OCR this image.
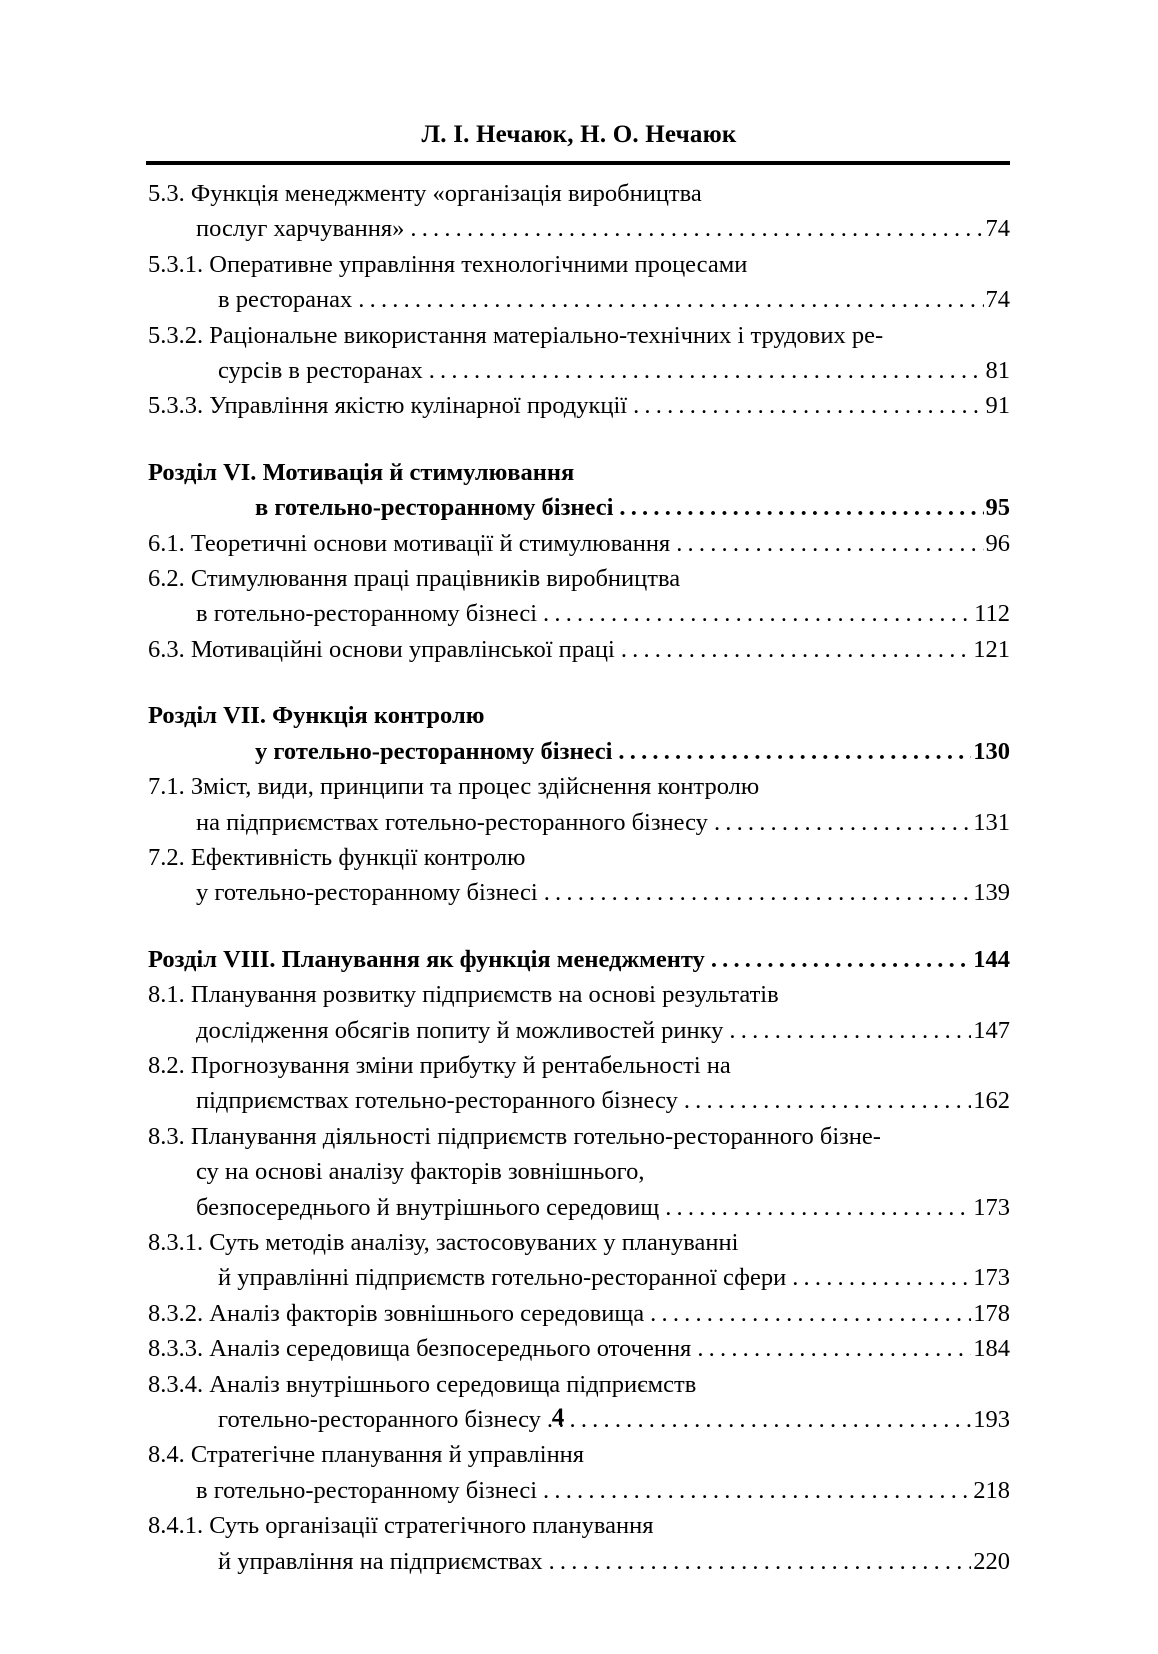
Л. І. Нечаюк, Н. О. Нечаюк
5.3. Функція менеджменту «організація виробництва
послуг харчування» .....	74
5.3.1. Оперативне управління технологічними процесами
в ресторанах .....	74
5.3.2. Раціональне використання матеріально-технічних і трудових ре-
сурсів в ресторанах .....	81
5.3.3. Управління якістю кулінарної продукції .....	91
Розділ VI. Мотивація й стимулювання
в готельно-ресторанному бізнесі .....	95
6.1. Теоретичні основи мотивації й стимулювання .....	96
6.2. Стимулювання праці працівників виробництва
в готельно-ресторанному бізнесі .....	112
6.3. Мотиваційні основи управлінської праці .....	121
Розділ VII. Функція контролю
у готельно-ресторанному бізнесі .....	130
7.1. Зміст, види, принципи та процес здійснення контролю
на підприємствах готельно-ресторанного бізнесу .....	131
7.2. Ефективність функції контролю
у готельно-ресторанному бізнесі .....	139
Розділ VIII. Планування як функція менеджменту .....	144
8.1. Планування розвитку підприємств на основі результатів
дослідження обсягів попиту й можливостей ринку .....	147
8.2. Прогнозування зміни прибутку й рентабельності на
підприємствах готельно-ресторанного бізнесу .....	162
8.3. Планування діяльності підприємств готельно-ресторанного бізне-
су на основі аналізу факторів зовнішнього,
безпосереднього й внутрішнього середовищ .....	173
8.3.1. Суть методів аналізу, застосовуваних у плануванні
й управлінні підприємств готельно-ресторанної сфери .....	173
8.3.2. Аналіз факторів зовнішнього середовища .....	178
8.3.3. Аналіз середовища безпосереднього оточення .....	184
8.3.4. Аналіз внутрішнього середовища підприємств
готельно-ресторанного бізнесу .....	193
8.4. Стратегічне планування й управління
в готельно-ресторанному бізнесі .....	218
8.4.1. Суть організації стратегічного планування
й управління на підприємствах .....	220
4
